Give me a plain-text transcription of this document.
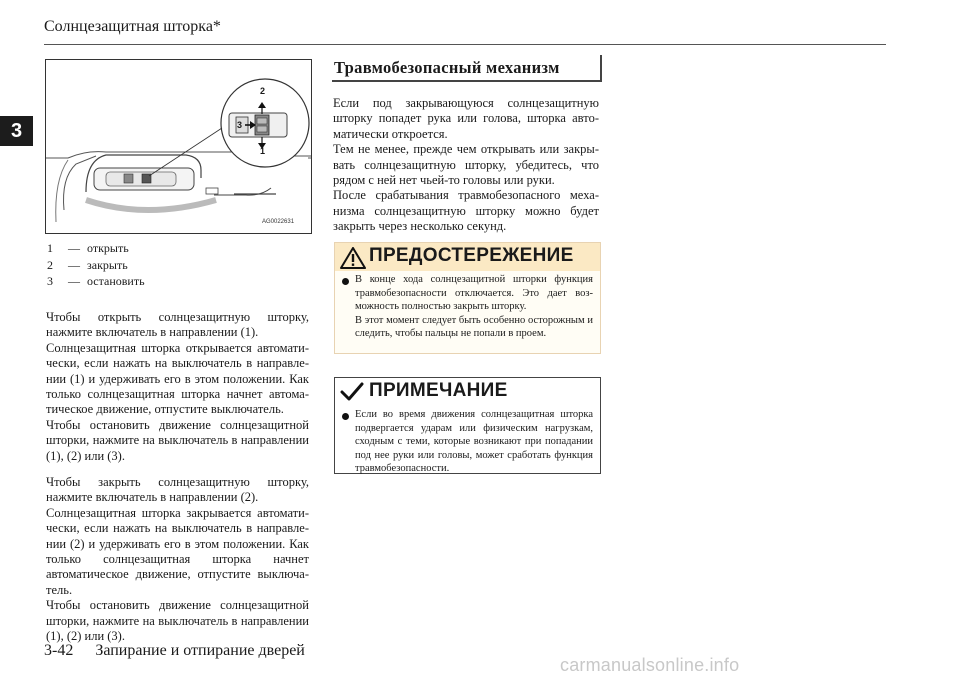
Солнцезащитная шторка*
3
2
1
3
AG0022631
1	— открыть
2	— закрыть
3	— остановить

Чтобы открыть солнцезащитную шторку, нажмите включатель в направлении (1).
Солнцезащитная шторка открывается автоматически, если нажать на выключатель в направлении (1) и удерживать его в этом положении. Как только солнцезащитная шторка начнет автоматическое движение, отпустите выключатель.
Чтобы остановить движение солнцезащитной шторки, нажмите на выключатель в направлении (1), (2) или (3).

Чтобы закрыть солнцезащитную шторку, нажмите включатель в направлении (2).
Солнцезащитная шторка закрывается автоматически, если нажать на выключатель в направлении (2) и удерживать его в этом положении. Как только солнцезащитная шторка начнет автоматическое движение, отпустите выключатель.
Чтобы остановить движение солнцезащитной шторки, нажмите на выключатель в направлении (1), (2) или (3).

Травмобезопасный механизм

Если под закрывающуюся солнцезащитную шторку попадет рука или голова, шторка автоматически откроется.
Тем не менее, прежде чем открывать или закрывать солнцезащитную шторку, убедитесь, что рядом с ней нет чьей-то головы или руки.
После срабатывания травмобезопасного механизма солнцезащитную шторку можно будет закрыть через несколько секунд.

ПРЕДОСТЕРЕЖЕНИЕ

В конце хода солнцезащитной шторки функция травмобезопасности отключается. Это дает возможность полностью закрыть шторку.
В этот момент следует быть особенно осторожным и следить, чтобы пальцы не попали в проем.

ПРИМЕЧАНИЕ

Если во время движения солнцезащитная шторка подвергается ударам или физическим нагрузкам, сходным с теми, которые возникают при попадании под нее руки или головы, может сработать функция травмобезопасности.

3-42 Запирание и отпирание дверей
carmanualsonline.info
